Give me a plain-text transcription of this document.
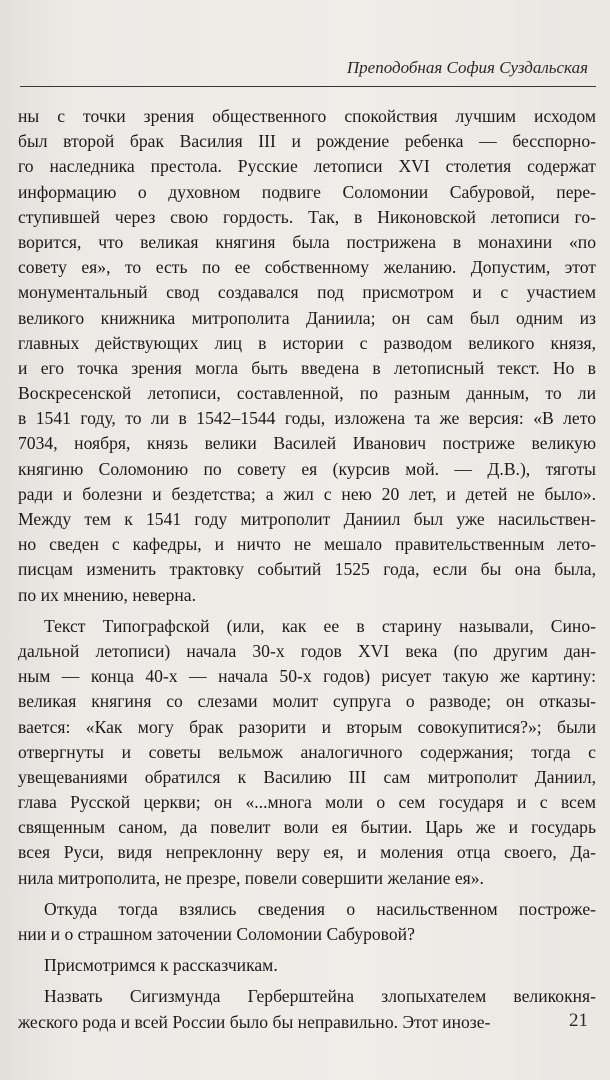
Преподобная София Суздальская

ны с точки зрения общественного спокойствия лучшим исходом
был второй брак Василия III и рождение ребенка — бесспорно-
го наследника престола. Русские летописи XVI столетия содержат
информацию о духовном подвиге Соломонии Сабуровой, пере-
ступившей через свою гордость. Так, в Никоновской летописи го-
ворится, что великая княгиня была пострижена в монахини «по
совету ея», то есть по ее собственному желанию. Допустим, этот
монументальный свод создавался под присмотром и с участием
великого книжника митрополита Даниила; он сам был одним из
главных действующих лиц в истории с разводом великого князя,
и его точка зрения могла быть введена в летописный текст. Но в
Воскресенской летописи, составленной, по разным данным, то ли
в 1541 году, то ли в 1542–1544 годы, изложена та же версия: «В лето
7034, ноября, князь велики Василей Иванович постриже великую
княгиню Соломонию по совету ея (курсив мой. — Д.В.), тяготы
ради и болезни и бездетства; а жил с нею 20 лет, и детей не было».
Между тем к 1541 году митрополит Даниил был уже насильствен-
но сведен с кафедры, и ничто не мешало правительственным лето-
писцам изменить трактовку событий 1525 года, если бы она была,
по их мнению, неверна.

Текст Типографской (или, как ее в старину называли, Сино-
дальной летописи) начала 30-х годов XVI века (по другим дан-
ным — конца 40-х — начала 50-х годов) рисует такую же картину:
великая княгиня со слезами молит супруга о разводе; он отказы-
вается: «Как могу брак разорити и вторым совокупитися?»; были
отвергнуты и советы вельмож аналогичного содержания; тогда с
увещеваниями обратился к Василию III сам митрополит Даниил,
глава Русской церкви; он «...многа моли о сем государя и с всем
священным саном, да повелит воли ея бытии. Царь же и государь
всея Руси, видя непреклонну веру ея, и моления отца своего, Да-
нила митрополита, не презре, повели совершити желание ея».

Откуда тогда взялись сведения о насильственном построже-
нии и о страшном заточении Соломонии Сабуровой?

Присмотримся к рассказчикам.

Назвать Сигизмунда Герберштейна злопыхателем великокня-
жеского рода и всей России было бы неправильно. Этот инозе-	21
